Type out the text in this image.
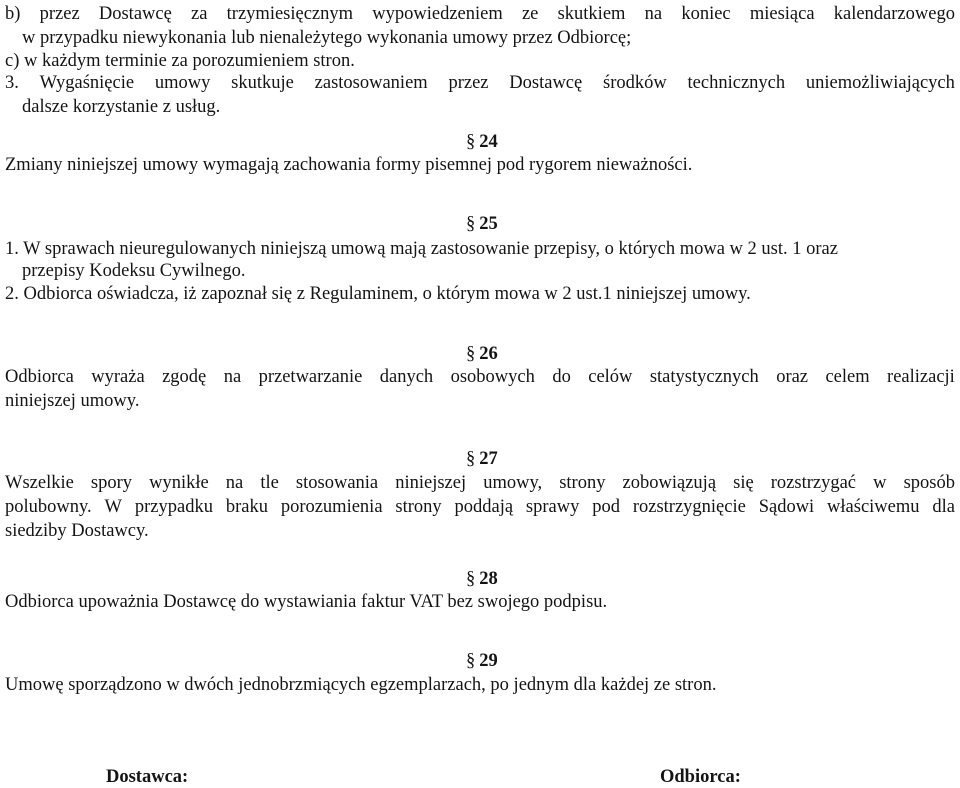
b) przez Dostawcę za trzymiesięcznym wypowiedzeniem ze skutkiem na koniec miesiąca kalendarzowego
w przypadku niewykonania lub nienależytego wykonania umowy przez Odbiorcę;
c) w każdym terminie za porozumieniem stron.
3. Wygaśnięcie umowy skutkuje zastosowaniem przez Dostawcę środków technicznych uniemożliwiających
dalsze korzystanie z usług.
§ 24
Zmiany niniejszej umowy wymagają zachowania formy pisemnej pod rygorem nieważności.
§ 25
1. W sprawach nieuregulowanych niniejszą umową mają zastosowanie przepisy, o których mowa w 2 ust. 1 oraz
przepisy Kodeksu Cywilnego.
2. Odbiorca oświadcza, iż zapoznał się z Regulaminem, o którym mowa w 2 ust.1 niniejszej umowy.
§ 26
Odbiorca wyraża zgodę na przetwarzanie danych osobowych do celów statystycznych oraz celem realizacji
niniejszej umowy.
§ 27
Wszelkie spory wynikłe na tle stosowania niniejszej umowy, strony zobowiązują się rozstrzygać w sposób
polubowny. W przypadku braku porozumienia strony poddają sprawy pod rozstrzygnięcie Sądowi właściwemu dla
siedziby Dostawcy.
§ 28
Odbiorca upoważnia Dostawcę do wystawiania faktur VAT bez swojego podpisu.
§ 29
Umowę sporządzono w dwóch jednobrzmiących egzemplarzach, po jednym dla każdej ze stron.
Dostawca:	Odbiorca:
